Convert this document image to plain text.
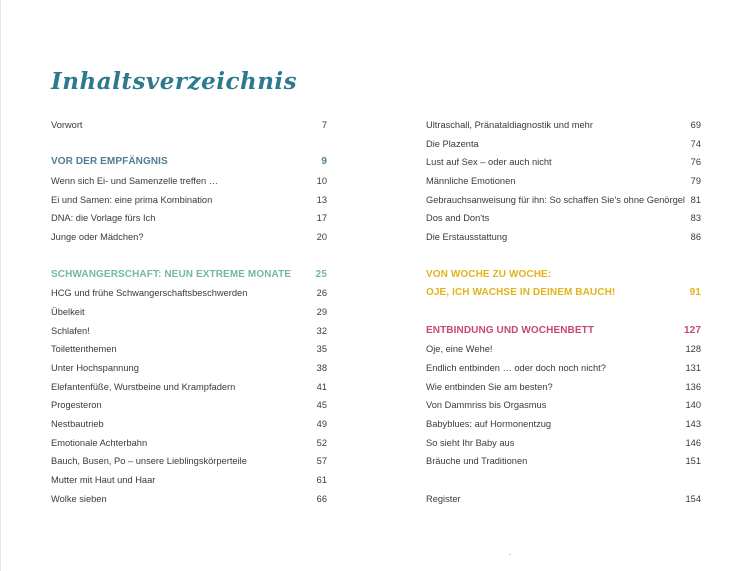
Inhaltsverzeichnis
Vorwort	7
VOR DER EMPFÄNGNIS	9
Wenn sich Ei- und Samenzelle treffen …	10
Ei und Samen: eine prima Kombination	13
DNA: die Vorlage fürs Ich	17
Junge oder Mädchen?	20
SCHWANGERSCHAFT: NEUN EXTREME MONATE 25
HCG und frühe Schwangerschaftsbeschwerden	26
Übelkeit	29
Schlafen!	32
Toilettenthemen	35
Unter Hochspannung	38
Elefantenfüße, Wurstbeine und Krampfadern	41
Progesteron	45
Nestbautrieb	49
Emotionale Achterbahn	52
Bauch, Busen, Po – unsere Lieblingskörperteile	57
Mutter mit Haut und Haar	61
Wolke sieben	66
Ultraschall, Pränataldiagnostik und mehr	69
Die Plazenta	74
Lust auf Sex – oder auch nicht	76
Männliche Emotionen	79
Gebrauchsanweisung für ihn: So schaffen Sie's ohne Genörgel 81
Dos and Don'ts	83
Die Erstausstattung	86
VON WOCHE ZU WOCHE:
OJE, ICH WACHSE IN DEINEM BAUCH!	91
ENTBINDUNG UND WOCHENBETT	127
Oje, eine Wehe!	128
Endlich entbinden … oder doch noch nicht?	131
Wie entbinden Sie am besten?	136
Von Dammriss bis Orgasmus	140
Babyblues: auf Hormonentzug	143
So sieht Ihr Baby aus	146
Bräuche und Traditionen	151
Register	154
